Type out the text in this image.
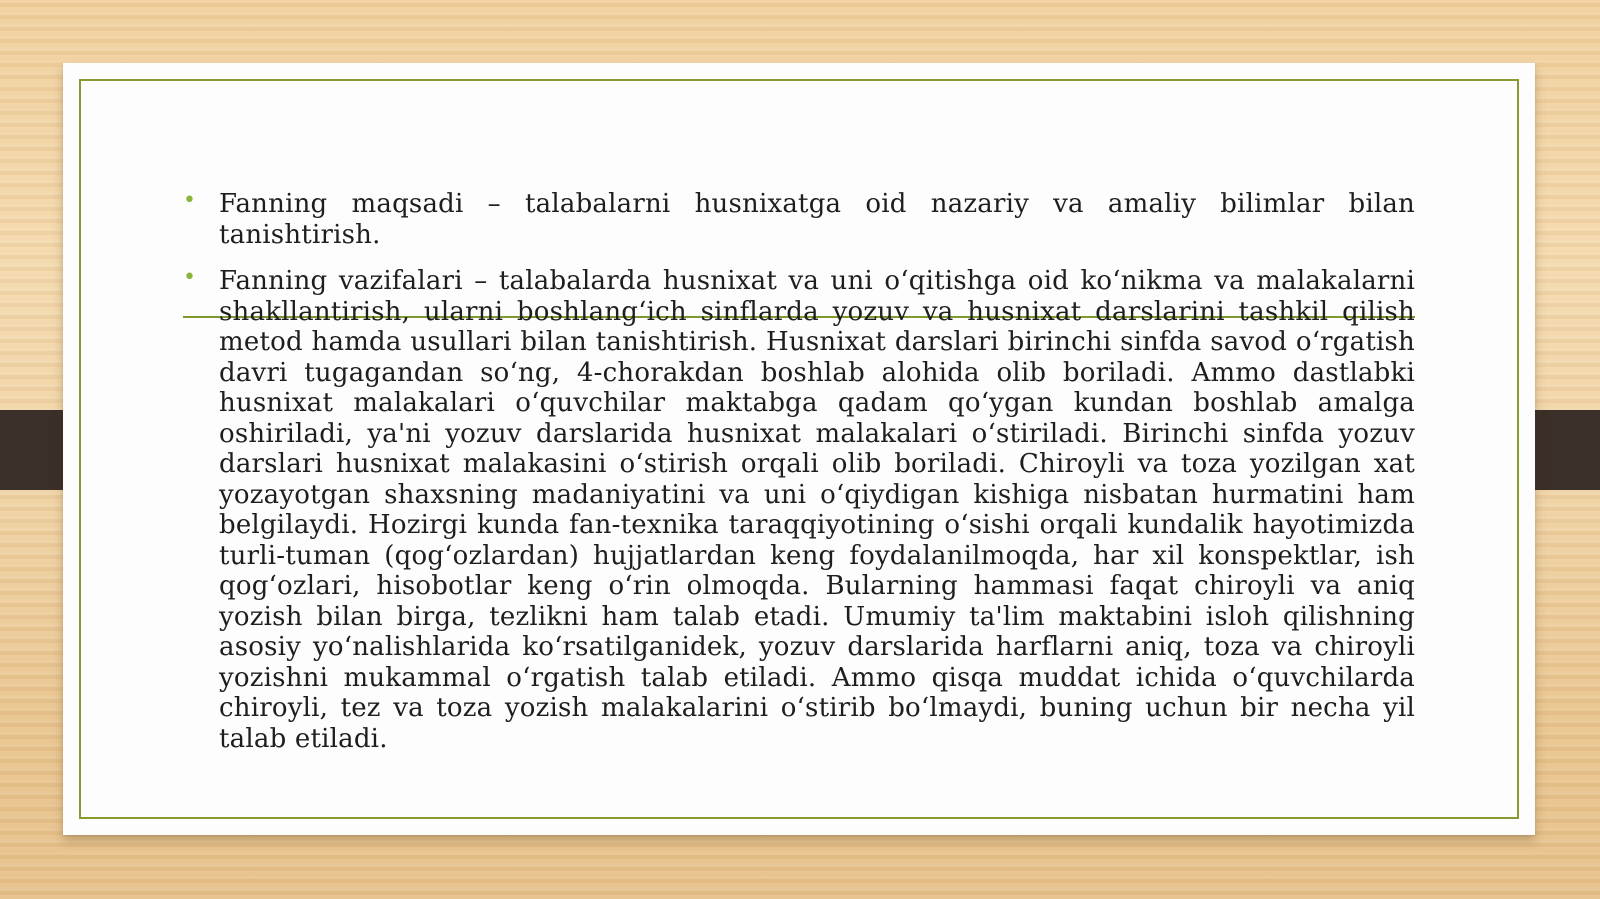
• Fanning maqsadi – talabalarni husnixatga oid nazariy va amaliy bilimlar bilan tanishtirish.

• Fanning vazifalari – talabalarda husnixat va uni oʻqitishga oid koʻnikma va malakalarni shakllantirish, ularni boshlangʻich sinflarda yozuv va husnixat darslarini tashkil qilish metod hamda usullari bilan tanishtirish. Husnixat darslari birinchi sinfda savod oʻrgatish davri tugagandan soʻng, 4-chorakdan boshlab alohida olib boriladi. Ammo dastlabki husnixat malakalari oʻquvchilar maktabga qadam qoʻygan kundan boshlab amalga oshiriladi, ya'ni yozuv darslarida husnixat malakalari oʻstiriladi. Birinchi sinfda yozuv darslari husnixat malakasini oʻstirish orqali olib boriladi. Chiroyli va toza yozilgan xat yozayotgan shaxsning madaniyatini va uni oʻqiydigan kishiga nisbatan hurmatini ham belgilaydi. Hozirgi kunda fan-texnika taraqqiyotining oʻsishi orqali kundalik hayotimizda turli-tuman (qogʻozlardan) hujjatlardan keng foydalanilmoqda, har xil konspektlar, ish qogʻozlari, hisobotlar keng oʻrin olmoqda. Bularning hammasi faqat chiroyli va aniq yozish bilan birga, tezlikni ham talab etadi. Umumiy ta'lim maktabini isloh qilishning asosiy yoʻnalishlarida koʻrsatilganidek, yozuv darslarida harflarni aniq, toza va chiroyli yozishni mukammal oʻrgatish talab etiladi. Ammo qisqa muddat ichida oʻquvchilarda chiroyli, tez va toza yozish malakalarini oʻstirib boʻlmaydi, buning uchun bir necha yil talab etiladi.
